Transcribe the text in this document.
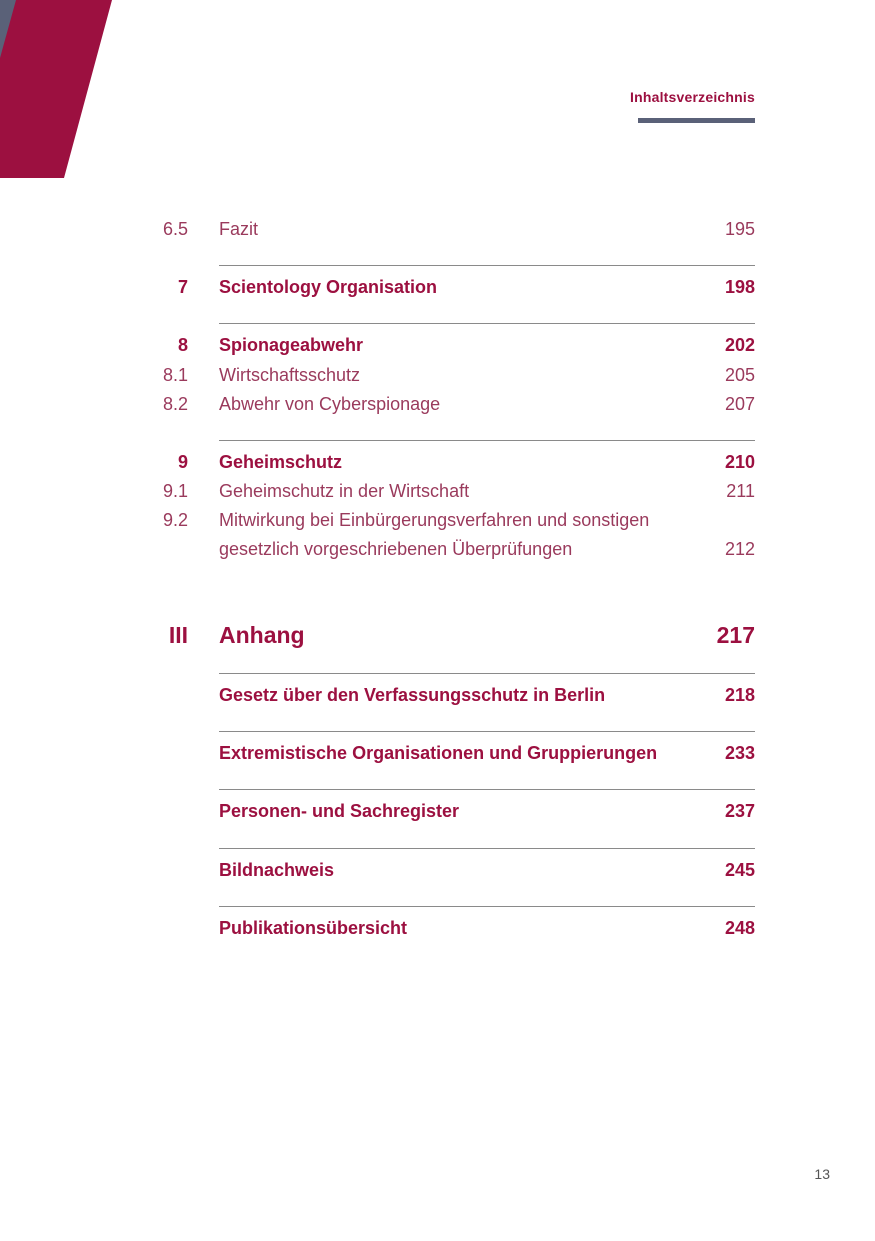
Inhaltsverzeichnis
6.5 Fazit	195
7 Scientology Organisation	198
8 Spionageabwehr	202
8.1 Wirtschaftsschutz	205
8.2 Abwehr von Cyberspionage	207
9 Geheimschutz	210
9.1 Geheimschutz in der Wirtschaft	211
9.2 Mitwirkung bei Einbürgerungsverfahren und sonstigen
gesetzlich vorgeschriebenen Überprüfungen	212
III Anhang	217
Gesetz über den Verfassungsschutz in Berlin	218
Extremistische Organisationen und Gruppierungen	233
Personen- und Sachregister	237
Bildnachweis	245
Publikationsübersicht	248
13
